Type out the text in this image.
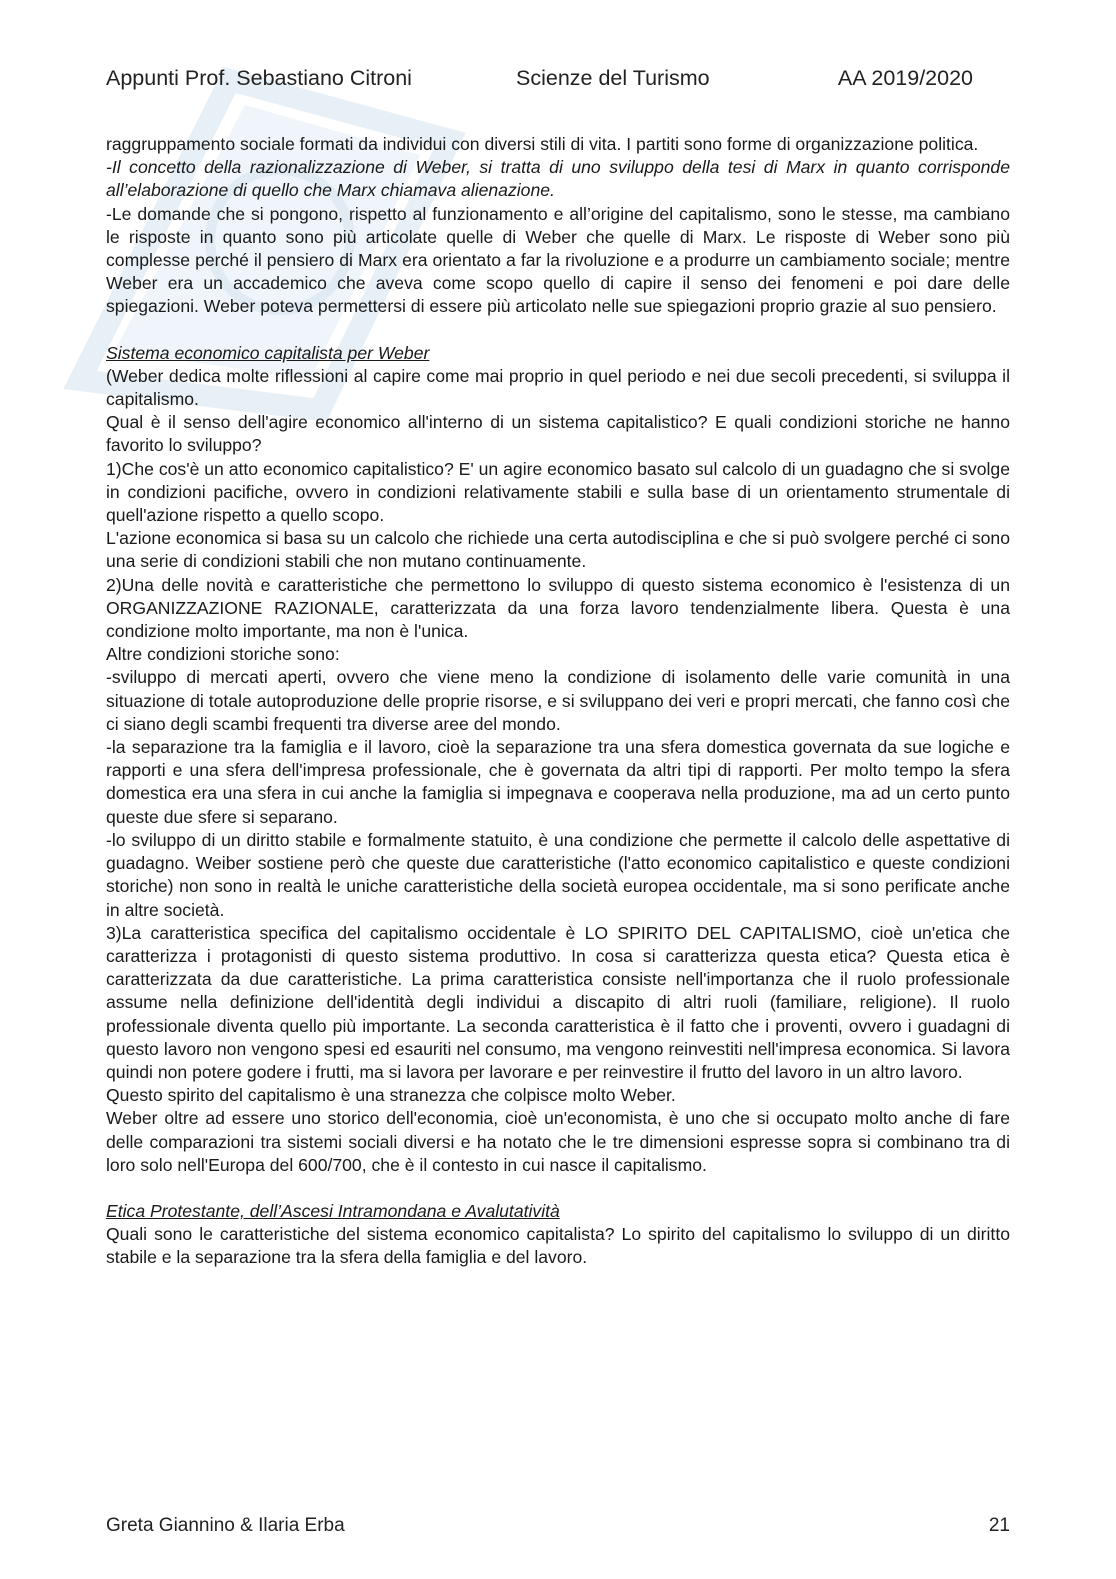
Appunti Prof. Sebastiano Citroni	Scienze del Turismo	AA 2019/2020

raggruppamento sociale formati da individui con diversi stili di vita. I partiti sono forme di organizzazione politica.

-Il concetto della razionalizzazione di Weber, si tratta di uno sviluppo della tesi di Marx in quanto corrisponde all’elaborazione di quello che Marx chiamava alienazione.

-Le domande che si pongono, rispetto al funzionamento e all’origine del capitalismo, sono le stesse, ma cambiano le risposte in quanto sono più articolate quelle di Weber che quelle di Marx. Le risposte di Weber sono più complesse perché il pensiero di Marx era orientato a far la rivoluzione e a produrre un cambiamento sociale; mentre Weber era un accademico che aveva come scopo quello di capire il senso dei fenomeni e poi dare delle spiegazioni. Weber poteva permettersi di essere più articolato nelle sue spiegazioni proprio grazie al suo pensiero.

Sistema economico capitalista per Weber

(Weber dedica molte riflessioni al capire come mai proprio in quel periodo e nei due secoli precedenti, si sviluppa il capitalismo.

Qual è il senso dell'agire economico all'interno di un sistema capitalistico? E quali condizioni storiche ne hanno favorito lo sviluppo?

1)Che cos'è un atto economico capitalistico? E' un agire economico basato sul calcolo di un guadagno che si svolge in condizioni pacifiche, ovvero in condizioni relativamente stabili e sulla base di un orientamento strumentale di quell'azione rispetto a quello scopo.

L'azione economica si basa su un calcolo che richiede una certa autodisciplina e che si può svolgere perché ci sono una serie di condizioni stabili che non mutano continuamente.

2)Una delle novità e caratteristiche che permettono lo sviluppo di questo sistema economico è l'esistenza di un ORGANIZZAZIONE RAZIONALE, caratterizzata da una forza lavoro tendenzialmente libera. Questa è una condizione molto importante, ma non è l'unica.

Altre condizioni storiche sono:

-sviluppo di mercati aperti, ovvero che viene meno la condizione di isolamento delle varie comunità in una situazione di totale autoproduzione delle proprie risorse, e si sviluppano dei veri e propri mercati, che fanno così che ci siano degli scambi frequenti tra diverse aree del mondo.

-la separazione tra la famiglia e il lavoro, cioè la separazione tra una sfera domestica governata da sue logiche e rapporti e una sfera dell'impresa professionale, che è governata da altri tipi di rapporti. Per molto tempo la sfera domestica era una sfera in cui anche la famiglia si impegnava e cooperava nella produzione, ma ad un certo punto queste due sfere si separano.

-lo sviluppo di un diritto stabile e formalmente statuito, è una condizione che permette il calcolo delle aspettative di guadagno. Weiber sostiene però che queste due caratteristiche (l'atto economico capitalistico e queste condizioni storiche) non sono in realtà le uniche caratteristiche della società europea occidentale, ma si sono perificate anche in altre società.

3)La caratteristica specifica del capitalismo occidentale è LO SPIRITO DEL CAPITALISMO, cioè un'etica che caratterizza i protagonisti di questo sistema produttivo. In cosa si caratterizza questa etica? Questa etica è caratterizzata da due caratteristiche. La prima caratteristica consiste nell'importanza che il ruolo professionale assume nella definizione dell'identità degli individui a discapito di altri ruoli (familiare, religione). Il ruolo professionale diventa quello più importante. La seconda caratteristica è il fatto che i proventi, ovvero i guadagni di questo lavoro non vengono spesi ed esauriti nel consumo, ma vengono reinvestiti nell'impresa economica. Si lavora quindi non potere godere i frutti, ma si lavora per lavorare e per reinvestire il frutto del lavoro in un altro lavoro.

Questo spirito del capitalismo è una stranezza che colpisce molto Weber.

Weber oltre ad essere uno storico dell'economia, cioè un'economista, è uno che si occupato molto anche di fare delle comparazioni tra sistemi sociali diversi e ha notato che le tre dimensioni espresse sopra si combinano tra di loro solo nell'Europa del 600/700, che è il contesto in cui nasce il capitalismo.

Etica Protestante, dell’Ascesi Intramondana e Avalutatività

Quali sono le caratteristiche del sistema economico capitalista? Lo spirito del capitalismo lo sviluppo di un diritto stabile e la separazione tra la sfera della famiglia e del lavoro.

Greta Giannino & Ilaria Erba	21
